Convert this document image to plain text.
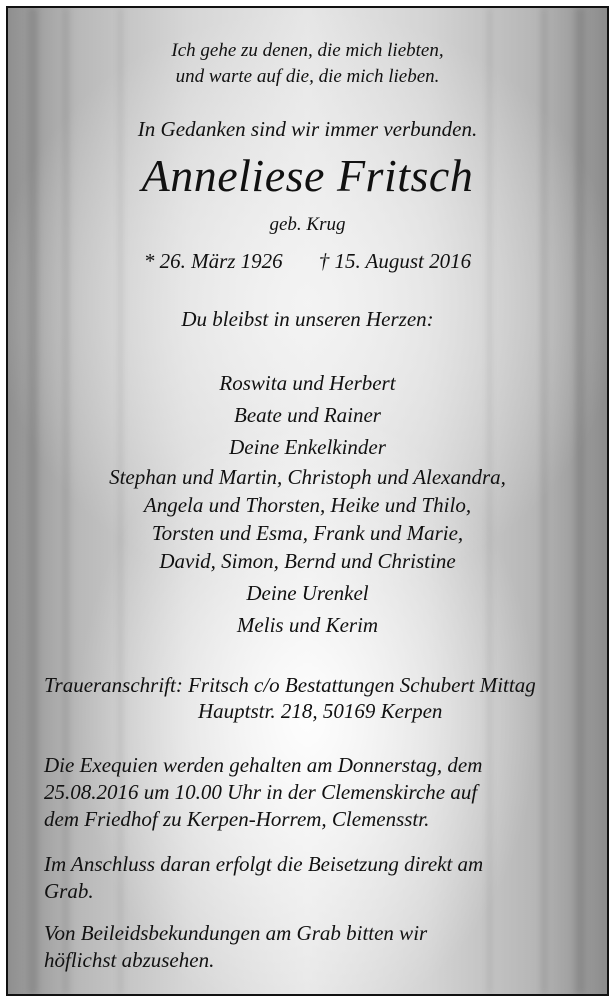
Ich gehe zu denen, die mich liebten,
und warte auf die, die mich lieben.
In Gedanken sind wir immer verbunden.
Anneliese Fritsch
geb. Krug
* 26. März 1926 † 15. August 2016
Du bleibst in unseren Herzen:
Roswita und Herbert
Beate und Rainer
Deine Enkelkinder
Stephan und Martin, Christoph und Alexandra,
Angela und Thorsten, Heike und Thilo,
Torsten und Esma, Frank und Marie,
David, Simon, Bernd und Christine
Deine Urenkel
Melis und Kerim
Traueranschrift: Fritsch c/o Bestattungen Schubert Mittag
Hauptstr. 218, 50169 Kerpen
Die Exequien werden gehalten am Donnerstag, dem
25.08.2016 um 10.00 Uhr in der Clemenskirche auf
dem Friedhof zu Kerpen-Horrem, Clemensstr.
Im Anschluss daran erfolgt die Beisetzung direkt am
Grab.
Von Beileidsbekundungen am Grab bitten wir
höflichst abzusehen.
